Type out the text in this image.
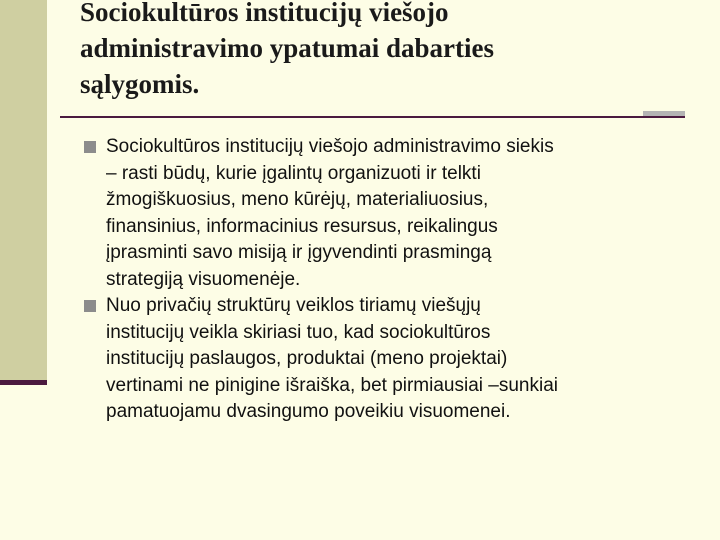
Sociokultūros institucijų viešojo
administravimo ypatumai dabarties
sąlygomis.
Sociokultūros institucijų viešojo administravimo siekis
– rasti būdų, kurie įgalintų organizuoti ir telkti
žmogiškuosius, meno kūrėjų, materialiuosius,
finansinius, informacinius resursus, reikalingus
įprasminti savo misiją ir įgyvendinti prasmingą
strategiją visuomenėje.
Nuo privačių struktūrų veiklos tiriamų viešųjų
institucijų veikla skiriasi tuo, kad sociokultūros
institucijų paslaugos, produktai (meno projektai)
vertinami ne pinigine išraiška, bet pirmiausiai –sunkiai
pamatuojamu dvasingumo poveikiu visuomenei.
